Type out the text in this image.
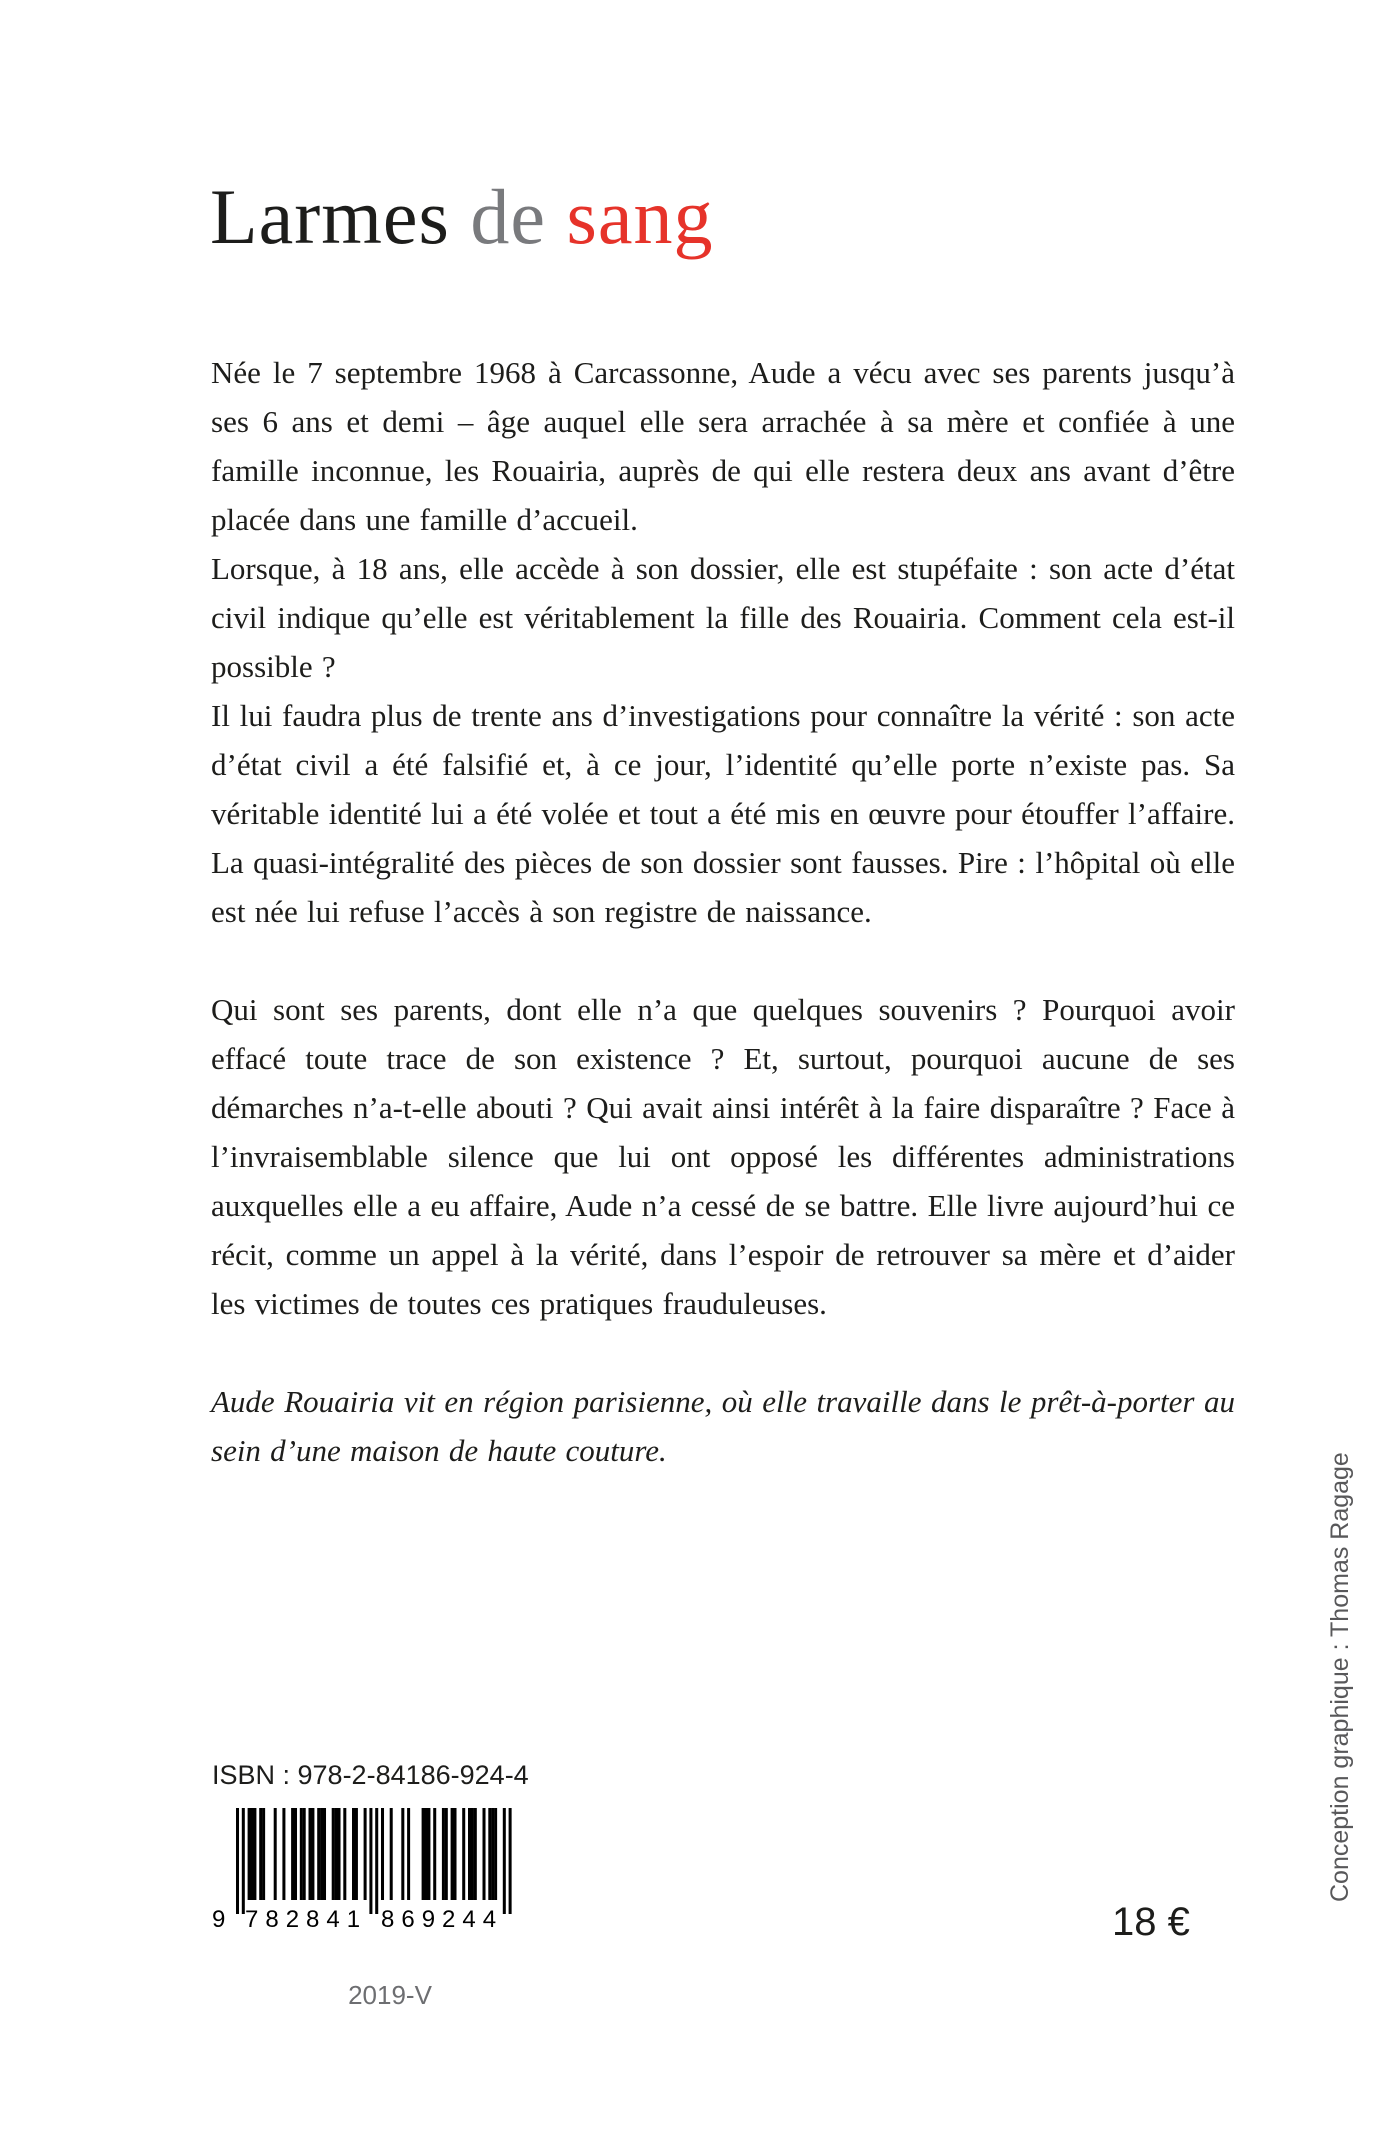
Larmes de sang

Née le 7 septembre 1968 à Carcassonne, Aude a vécu avec ses parents jusqu’à ses 6 ans et demi – âge auquel elle sera arrachée à sa mère et confiée à une famille inconnue, les Rouairia, auprès de qui elle restera deux ans avant d’être placée dans une famille d’accueil.

Lorsque, à 18 ans, elle accède à son dossier, elle est stupéfaite : son acte d’état civil indique qu’elle est véritablement la fille des Rouairia. Comment cela est-il possible ?

Il lui faudra plus de trente ans d’investigations pour connaître la vérité : son acte d’état civil a été falsifié et, à ce jour, l’identité qu’elle porte n’existe pas. Sa véritable identité lui a été volée et tout a été mis en œuvre pour étouffer l’affaire. La quasi-intégralité des pièces de son dossier sont fausses. Pire : l’hôpital où elle est née lui refuse l’accès à son registre de naissance.

Qui sont ses parents, dont elle n’a que quelques souvenirs ? Pourquoi avoir effacé toute trace de son existence ? Et, surtout, pourquoi aucune de ses démarches n’a-t-elle abouti ? Qui avait ainsi intérêt à la faire disparaître ? Face à l’invraisemblable silence que lui ont opposé les différentes administrations auxquelles elle a eu affaire, Aude n’a cessé de se battre. Elle livre aujourd’hui ce récit, comme un appel à la vérité, dans l’espoir de retrouver sa mère et d’aider les victimes de toutes ces pratiques frauduleuses.

Aude Rouairia vit en région parisienne, où elle travaille dans le prêt-à-porter au sein d’une maison de haute couture.

ISBN : 978-2-84186-924-4
9 782841 869244
2019-V
18 €
Conception graphique : Thomas Ragage
